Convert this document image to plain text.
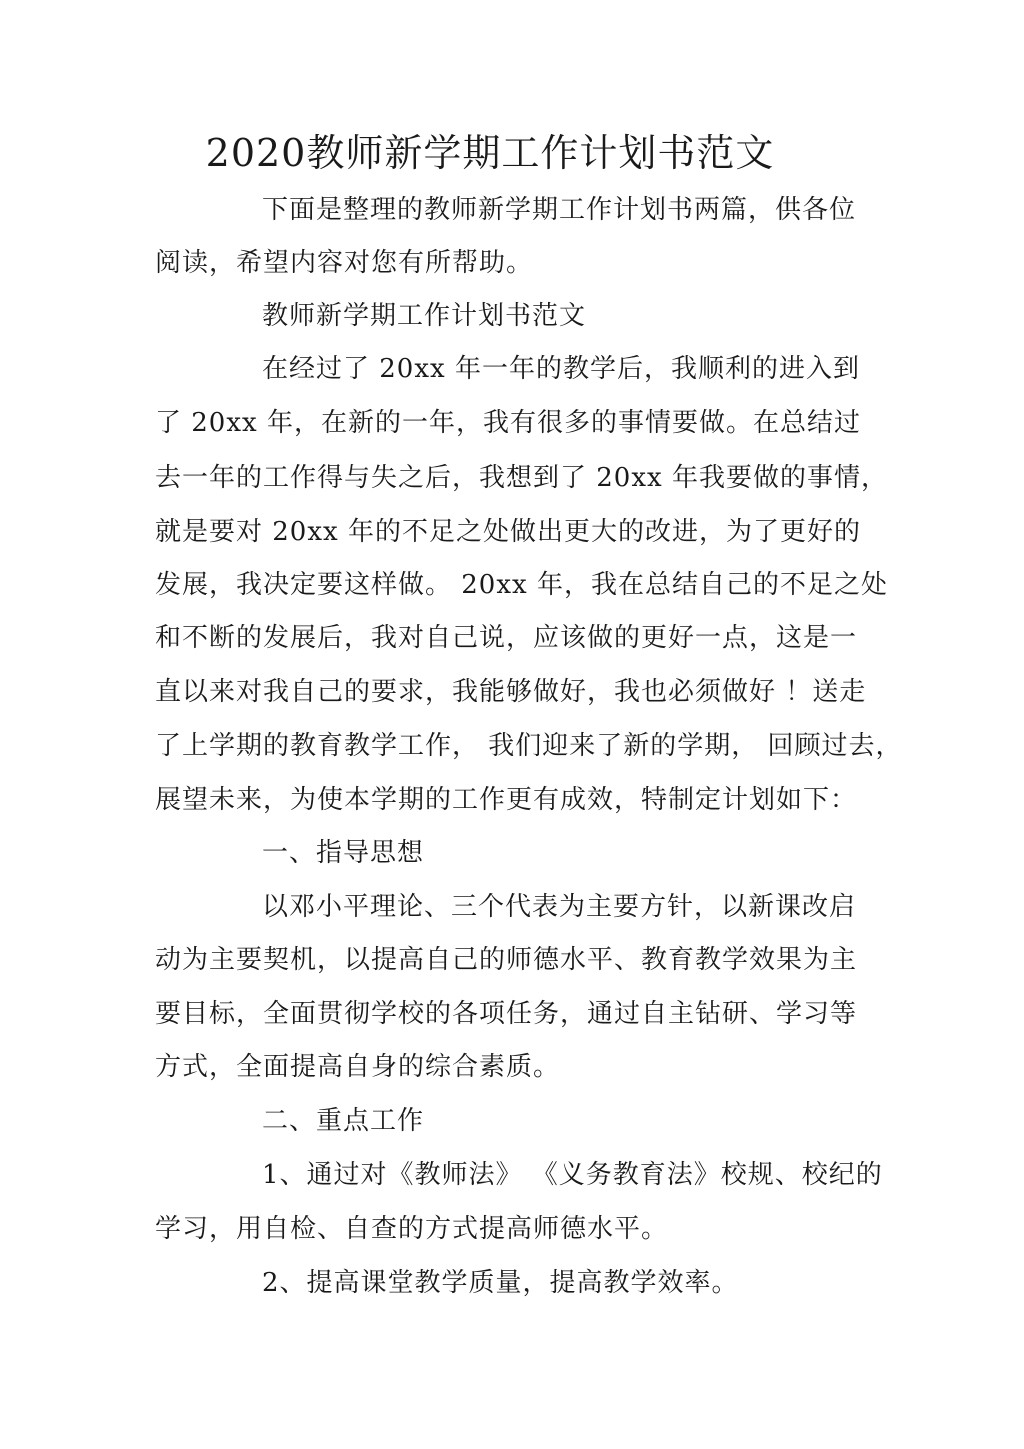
2020教师新学期工作计划书范文
下面是整理的教师新学期工作计划书两篇，供各位
阅读，希望内容对您有所帮助。
教师新学期工作计划书范文
在经过了 20xx 年一年的教学后，我顺利的进入到
了 20xx 年，在新的一年，我有很多的事情要做。在总结过
去一年的工作得与失之后，我想到了 20xx 年我要做的事情，
就是要对 20xx 年的不足之处做出更大的改进，为了更好的
发展，我决定要这样做。 20xx 年，我在总结自己的不足之处
和不断的发展后，我对自己说，应该做的更好一点，这是一
直以来对我自己的要求，我能够做好，我也必须做好 ！送走
了上学期的教育教学工作， 我们迎来了新的学期， 回顾过去，
展望未来，为使本学期的工作更有成效，特制定计划如下：
一、指导思想
以邓小平理论、三个代表为主要方针，以新课改启
动为主要契机，以提高自己的师德水平、教育教学效果为主
要目标，全面贯彻学校的各项任务，通过自主钻研、学习等
方式，全面提高自身的综合素质。
二、重点工作
1、通过对《教师法》 《义务教育法》校规、校纪的
学习，用自检、自查的方式提高师德水平。
2、提高课堂教学质量，提高教学效率。
